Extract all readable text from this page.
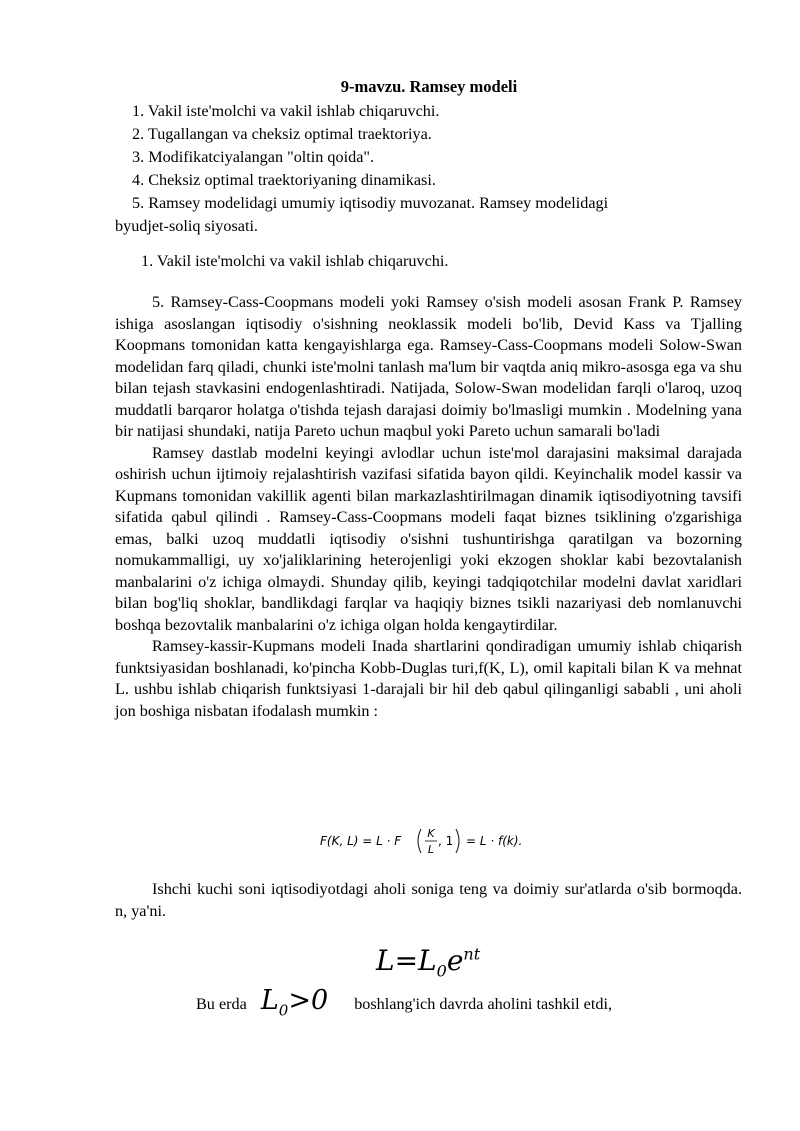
9-mavzu. Ramsey modeli
1. Vakil iste'molchi va vakil ishlab chiqaruvchi.
2. Tugallangan va cheksiz optimal traektoriya.
3. Modifikatciyalangan "oltin qoida".
4. Cheksiz optimal traektoriyaning dinamikasi.
5. Ramsey modelidagi umumiy iqtisodiy muvozanat. Ramsey modelidagi
byudjet-soliq siyosati.
1. Vakil iste'molchi va vakil ishlab chiqaruvchi.

5. Ramsey-Cass-Coopmans modeli yoki Ramsey o'sish modeli asosan Frank P. Ramsey ishiga asoslangan iqtisodiy o'sishning neoklassik modeli bo'lib, Devid Kass va Tjalling Koopmans tomonidan katta kengayishlarga ega. Ramsey-Cass-Coopmans modeli Solow-Swan modelidan farq qiladi, chunki iste'molni tanlash ma'lum bir vaqtda aniq mikro-asosga ega va shu bilan tejash stavkasini endogenlashtiradi. Natijada, Solow-Swan modelidan farqli o'laroq, uzoq muddatli barqaror holatga o'tishda tejash darajasi doimiy bo'lmasligi mumkin . Modelning yana bir natijasi shundaki, natija Pareto uchun maqbul yoki Pareto uchun samarali bo'ladi

Ramsey dastlab modelni keyingi avlodlar uchun iste'mol darajasini maksimal darajada oshirish uchun ijtimoiy rejalashtirish vazifasi sifatida bayon qildi. Keyinchalik model kassir va Kupmans tomonidan vakillik agenti bilan markazlashtirilmagan dinamik iqtisodiyotning tavsifi sifatida qabul qilindi . Ramsey-Cass-Coopmans modeli faqat biznes tsiklining o'zgarishiga emas, balki uzoq muddatli iqtisodiy o'sishni tushuntirishga qaratilgan va bozorning nomukammalligi, uy xo'jaliklarining heterojenligi yoki ekzogen shoklar kabi bezovtalanish manbalarini o'z ichiga olmaydi. Shunday qilib, keyingi tadqiqotchilar modelni davlat xaridlari bilan bog'liq shoklar, bandlikdagi farqlar va haqiqiy biznes tsikli nazariyasi deb nomlanuvchi boshqa bezovtalik manbalarini o'z ichiga olgan holda kengaytirdilar.

Ramsey-kassir-Kupmans modeli Inada shartlarini qondiradigan umumiy ishlab chiqarish funktsiyasidan boshlanadi, ko'pincha Kobb-Duglas turi,f(K, L), omil kapitali bilan K va mehnat L. ushbu ishlab chiqarish funktsiyasi 1-darajali bir hil deb qabul qilinganligi sababli , uni aholi jon boshiga nisbatan ifodalash mumkin :

F(K, L) = L · F
K
L
, 1 = L · f(k).

Ishchi kuchi soni iqtisodiyotdagi aholi soniga teng va doimiy sur'atlarda o'sib bormoqda. n, ya'ni.

$L=L_0e^{nt}$
Bu erda $L_0>0$ boshlang'ich davrda aholini tashkil etdi,
